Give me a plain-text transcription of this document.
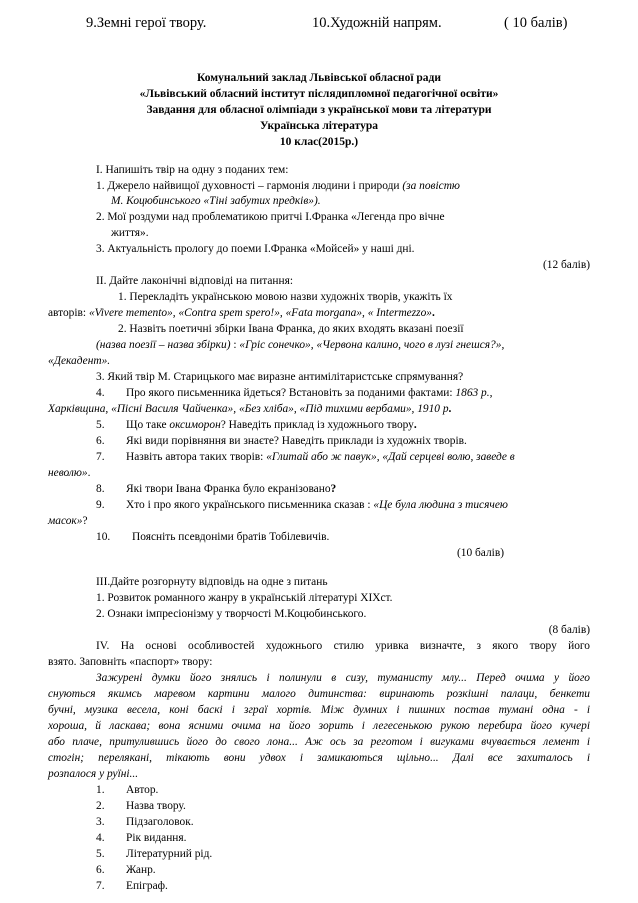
9.Земні герої твору.	10.Художній напрям.	( 10 балів)
Комунальний заклад Львівської обласної ради
«Львівський обласний інститут післядипломної педагогічної освіти»
Завдання для обласної олімпіади з української мови та літератури
Українська література
10 клас(2015р.)
I. Напишіть твір на одну з поданих тем:
1. Джерело найвищої духовності – гармонія людини і природи (за повістю
М. Коцюбинського «Тіні забутих предків»).
2. Мої роздуми над проблематикою притчі І.Франка «Легенда про вічне
життя».
3. Актуальність прологу до поеми І.Франка «Мойсей» у наші дні.
(12 балів)
II. Дайте лаконічні відповіді на питання:
1. Перекладіть українською мовою назви художніх творів, укажіть їх
авторів: «Vivere memento», «Contra spem spero!», «Fata morgana», « Intermezzo».
2. Назвіть поетичні збірки Івана Франка, до яких входять вказані поезії
(назва поезії – назва збірки) : «Гріс сонечко», «Червона калино, чого в лузі гнешся?»,
«Декадент».
3. Який твір М. Старицького має виразне антимілітаристське спрямування?
4. Про якого письменника йдеться? Встановіть за поданими фактами: 1863 р.,
Харківщина, «Пісні Василя Чайченка», «Без хліба», «Під тихими вербами», 1910 р.
5. Що таке оксиморон? Наведіть приклад із художнього твору.
6. Які види порівняння ви знаєте? Наведіть приклади із художніх творів.
7. Назвіть автора таких творів: «Глитай або ж павук», «Дай серцеві волю, заведе в
неволю».
8. Які твори Івана Франка було екранізовано?
9. Хто і про якого українського письменника сказав : «Це була людина з тисячею
масок»?
10. Поясніть псевдоніми братів Тобілевичів.
(10 балів)
III.Дайте розгорнуту відповідь на одне з питань
1. Розвиток романного жанру в українській літературі ХІХст.
2. Ознаки імпресіонізму у творчості М.Коцюбинського.
(8 балів)
IV. На основі особливостей художнього стилю уривка визначте, з якого твору його
взято. Заповніть «паспорт» твору:
Зажурені думки його знялись і полинули в сизу, туманисту млу... Перед очима у його
снуються якимсь маревом картини малого дитинства: виринають розкішні палаци, бенкети
бучні, музика весела, коні баскі і зграї хортів. Між думних і пишних постав тумані одна - і
хороша, й ласкава; вона ясними очима на його зорить і легесенькою рукою перебира його кучері
або плаче, притулившись його до свого лона... Аж ось за реготом і вигуками вчувається лемент і
стогін; перелякані, тікають вони удвох і замикаються щільно... Далі все захиталось і
розпалося у руїні...
1. Автор.
2. Назва твору.
3. Підзаголовок.
4. Рік видання.
5. Літературний рід.
6. Жанр.
7. Епіграф.
